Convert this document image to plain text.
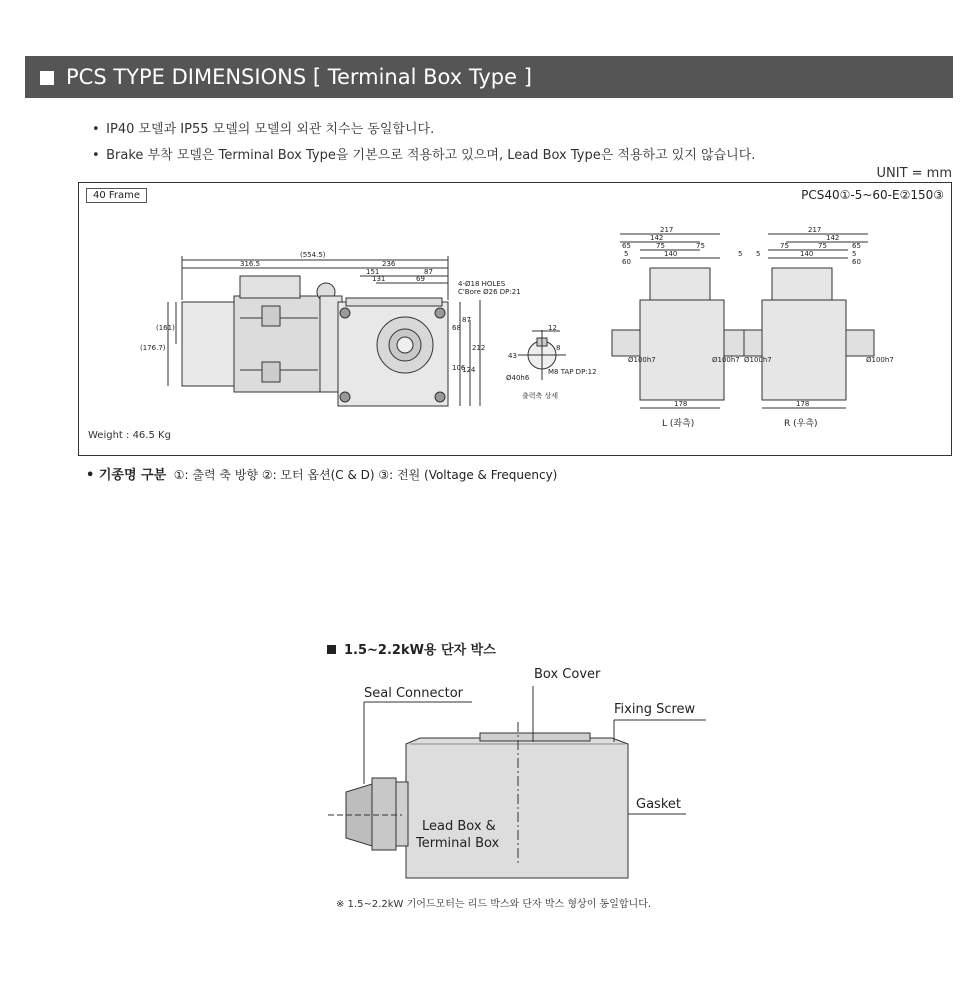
PCS TYPE DIMENSIONS [ Terminal Box Type ]
• IP40 모델과 IP55 모델의 모델의 외관 치수는 동일합니다.
• Brake 부착 모델은 Terminal Box Type을 기본으로 적용하고 있으며, Lead Box Type은 적용하고 있지 않습니다.
UNIT = mm
40 Frame	PCS40①-5~60-E②150③
Weight : 46.5 Kg
(554.5)
316.5	236
151
131
87
69
(161)
(176.7)
4-Ø18 HOLES
C'Bore Ø26 DP:21
68
87
106
124
212
12
43
8
Ø40h6
M8 TAP DP:12
출력축 상세
217
142
65	75	75
5	140	5
60
Ø100h7	Ø100h7
178
217
142
75	75	65
5	140	5
60
Ø100h7	Ø100h7
178
L (좌측)	R (우측)
• 기종명 구분 ①: 출력 축 방향 ②: 모터 옵션(C & D) ③: 전원 (Voltage & Frequency)
1.5~2.2kW용 단자 박스
Box Cover
Seal Connector
Fixing Screw
Gasket
Lead Box &
Terminal Box
※ 1.5~2.2kW 기어드모터는 리드 박스와 단자 박스 형상이 동일합니다.
